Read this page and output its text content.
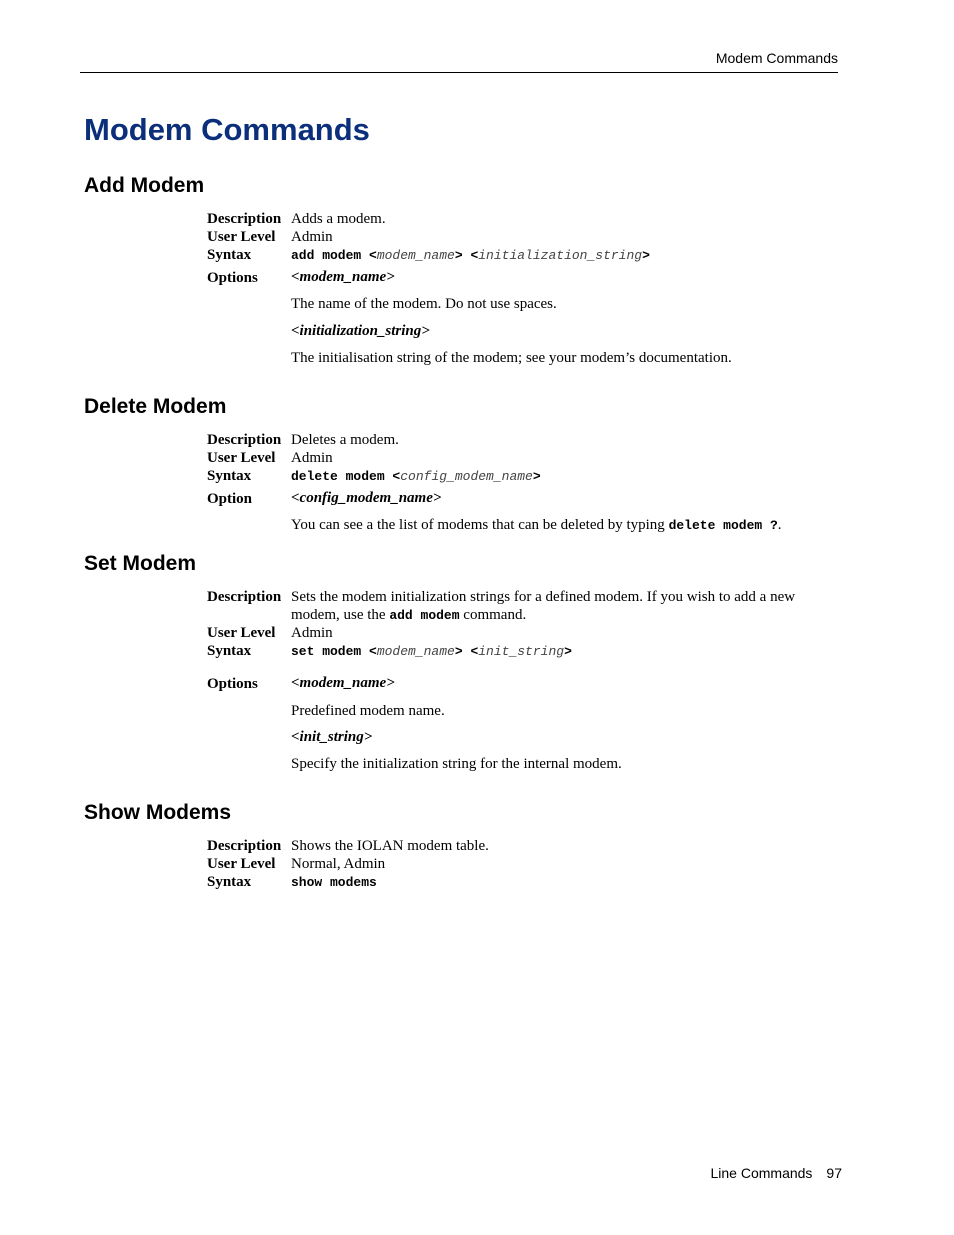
Modem Commands
Modem Commands
Add Modem
Description Adds a modem.
User Level Admin
Syntax	add modem <modem_name> <initialization_string>
Options <modem_name>
The name of the modem. Do not use spaces.
<initialization_string>
The initialisation string of the modem; see your modem’s documentation.
Delete Modem
Description Deletes a modem.
User Level Admin
Syntax	delete modem <config_modem_name>
Option	<config_modem_name>
You can see a the list of modems that can be deleted by typing delete modem ?.
Set Modem
Description Sets the modem initialization strings for a defined modem. If you wish to add a new modem, use the add modem command.
User Level Admin
Syntax	set modem <modem_name> <init_string>
Options <modem_name>
Predefined modem name.
<init_string>
Specify the initialization string for the internal modem.
Show Modems
Description Shows the IOLAN modem table.
User Level Normal, Admin
Syntax	show modems
Line Commands 97
